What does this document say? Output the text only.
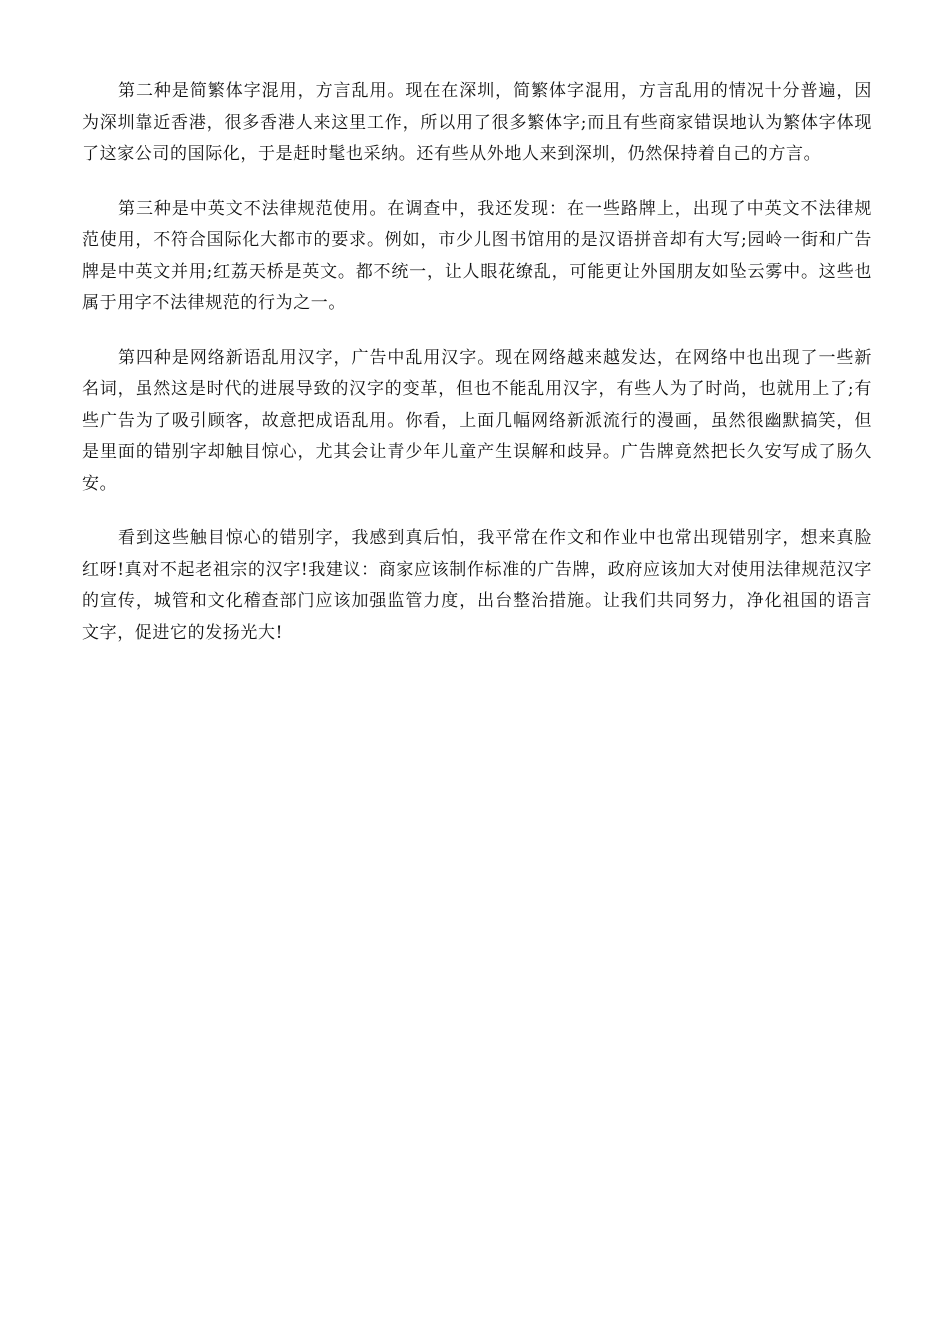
第二种是简繁体字混用，方言乱用。现在在深圳，简繁体字混用，方言乱用的情况十分普遍，因为深圳靠近香港，很多香港人来这里工作，所以用了很多繁体字;而且有些商家错误地认为繁体字体现了这家公司的国际化，于是赶时髦也采纳。还有些从外地人来到深圳，仍然保持着自己的方言。

第三种是中英文不法律规范使用。在调查中，我还发现：在一些路牌上，出现了中英文不法律规范使用，不符合国际化大都市的要求。例如，市少儿图书馆用的是汉语拼音却有大写;园岭一街和广告牌是中英文并用;红荔天桥是英文。都不统一，让人眼花缭乱，可能更让外国朋友如坠云雾中。这些也属于用字不法律规范的行为之一。

第四种是网络新语乱用汉字，广告中乱用汉字。现在网络越来越发达，在网络中也出现了一些新名词，虽然这是时代的进展导致的汉字的变革，但也不能乱用汉字，有些人为了时尚，也就用上了;有些广告为了吸引顾客，故意把成语乱用。你看，上面几幅网络新派流行的漫画，虽然很幽默搞笑，但是里面的错别字却触目惊心，尤其会让青少年儿童产生误解和歧异。广告牌竟然把长久安写成了肠久安。

看到这些触目惊心的错别字，我感到真后怕，我平常在作文和作业中也常出现错别字，想来真脸红呀!真对不起老祖宗的汉字!我建议：商家应该制作标准的广告牌，政府应该加大对使用法律规范汉字的宣传，城管和文化稽查部门应该加强监管力度，出台整治措施。让我们共同努力，净化祖国的语言文字，促进它的发扬光大!
